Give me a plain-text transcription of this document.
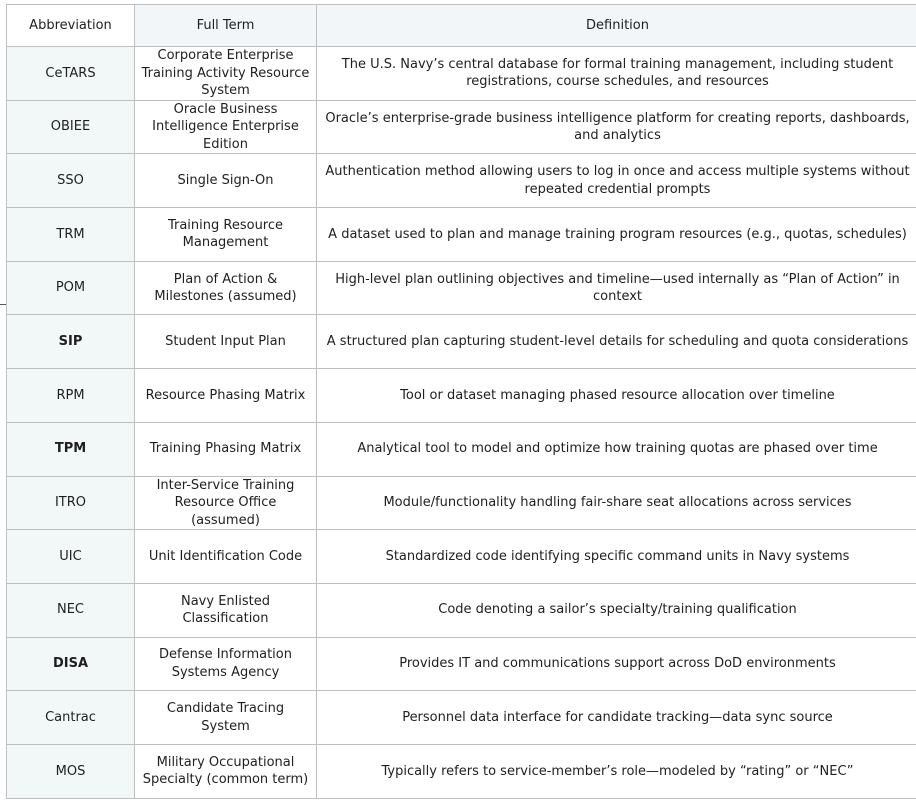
Abbreviation	Full Term	Definition
CeTARS	Corporate Enterprise Training Activity Resource System	The U.S. Navy’s central database for formal training management, including student registrations, course schedules, and resources
OBIEE	Oracle Business Intelligence Enterprise Edition	Oracle’s enterprise-grade business intelligence platform for creating reports, dashboards, and analytics
SSO	Single Sign-On	Authentication method allowing users to log in once and access multiple systems without repeated credential prompts
TRM	Training Resource Management	A dataset used to plan and manage training program resources (e.g., quotas, schedules)
POM	Plan of Action & Milestones (assumed)	High-level plan outlining objectives and timeline—used internally as “Plan of Action” in context
SIP	Student Input Plan	A structured plan capturing student-level details for scheduling and quota considerations
RPM	Resource Phasing Matrix	Tool or dataset managing phased resource allocation over timeline
TPM	Training Phasing Matrix	Analytical tool to model and optimize how training quotas are phased over time
ITRO	Inter-Service Training Resource Office (assumed)	Module/functionality handling fair-share seat allocations across services
UIC	Unit Identification Code	Standardized code identifying specific command units in Navy systems
NEC	Navy Enlisted Classification	Code denoting a sailor’s specialty/training qualification
DISA	Defense Information Systems Agency	Provides IT and communications support across DoD environments
Cantrac	Candidate Tracing System	Personnel data interface for candidate tracking—data sync source
MOS	Military Occupational Specialty (common term)	Typically refers to service-member’s role—modeled by “rating” or “NEC”
